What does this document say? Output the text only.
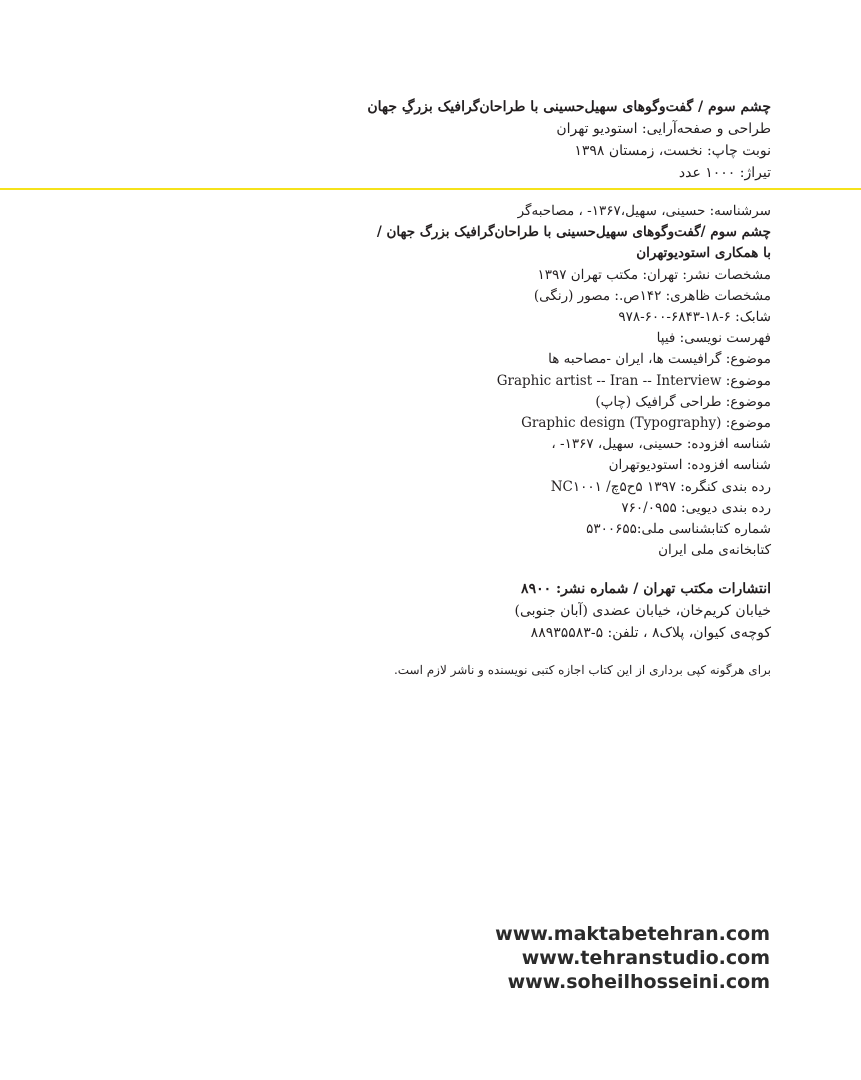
چشم سوم / گفت‌وگوهای سهیل‌حسینی با طراحان‌گرافیک بزرگِ جهان
طراحی و صفحه‌آرایی: استودیو تهران
نوبت چاپ: نخست، زمستان ۱۳۹۸
تیراژ: ۱۰۰۰ عدد
سرشناسه: حسینی، سهیل،۱۳۶۷- ، مصاحبه‌گر
چشم سوم /گفت‌وگوهای سهیل‌حسینی با طراحان‌گرافیک بزرگ جهان /
با همکاری استودیو‌تهران
مشخصات نشر: تهران: مکتب تهران ۱۳۹۷
مشخصات ظاهری: ۱۴۲ص.: مصور (رنگی)
شابک: ۶-۱۸-۶۸۴۳-۶۰۰-۹۷۸
فهرست نویسی: فیپا
موضوع: گرافیست ها، ایران -مصاحبه ها
موضوع: Graphic artist -- Iran -- Interview
موضوع: طراحی گرافیک (چاپ)
موضوع: Graphic design (Typography)
شناسه افزوده: حسینی، سهیل، ۱۳۶۷- ،
شناسه افزوده: استودیو‌تهران
رده بندی کنگره: ۱۳۹۷ ۵ح۵چ/ NC۱۰۰۱
رده بندی دیویی: ۷۶۰/۰۹۵۵
شماره کتابشناسی ملی:۵۳۰۰۶۵۵
کتابخانه‌ی ملی ایران
انتشارات مکتب تهران / شماره نشر: ۸۹۰۰
خیابان کریم‌خان، خیابان عضدی (آبان جنوبی)
کوچه‌ی کیوان، پلاک۸ ، تلفن: ۵-۸۸۹۳۵۵۸۳
برای هرگونه کپی برداری از این کتاب اجازه کتبی نویسنده و ناشر لازم است.
www.maktabetehran.com
www.tehranstudio.com
www.soheilhosseini.com
